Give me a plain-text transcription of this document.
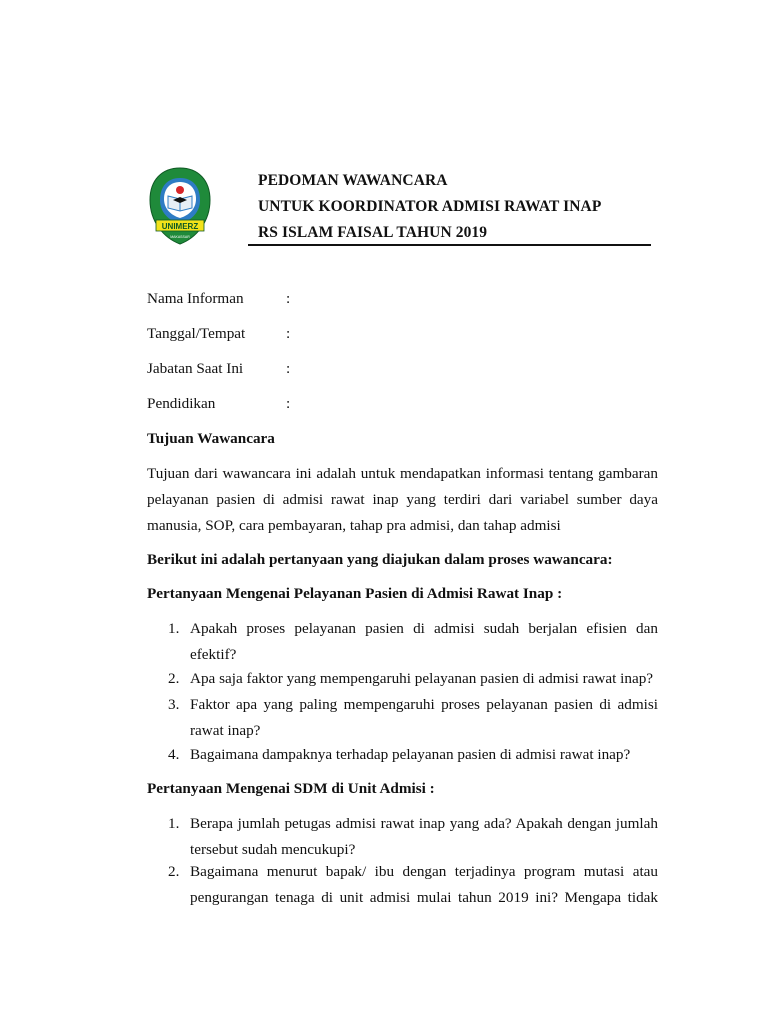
UNIMERZ
MAKASSAR
PEDOMAN WAWANCARA
UNTUK KOORDINATOR ADMISI RAWAT INAP
RS ISLAM FAISAL TAHUN 2019
Nama Informan	:
Tanggal/Tempat	:
Jabatan Saat Ini	:
Pendidikan	:
Tujuan Wawancara
Tujuan dari wawancara ini adalah untuk mendapatkan informasi tentang gambaran
pelayanan pasien di admisi rawat inap yang terdiri dari variabel sumber daya
manusia, SOP, cara pembayaran, tahap pra admisi, dan tahap admisi
Berikut ini adalah pertanyaan yang diajukan dalam proses wawancara:
Pertanyaan Mengenai Pelayanan Pasien di Admisi Rawat Inap :
1. Apakah proses pelayanan pasien di admisi sudah berjalan efisien dan
efektif?
2. Apa saja faktor yang mempengaruhi pelayanan pasien di admisi rawat inap?
3. Faktor apa yang paling mempengaruhi proses pelayanan pasien di admisi
rawat inap?
4. Bagaimana dampaknya terhadap pelayanan pasien di admisi rawat inap?
Pertanyaan Mengenai SDM di Unit Admisi :
1. Berapa jumlah petugas admisi rawat inap yang ada? Apakah dengan jumlah
tersebut sudah mencukupi?
2. Bagaimana menurut bapak/ ibu dengan terjadinya program mutasi atau
pengurangan tenaga di unit admisi mulai tahun 2019 ini? Mengapa tidak
